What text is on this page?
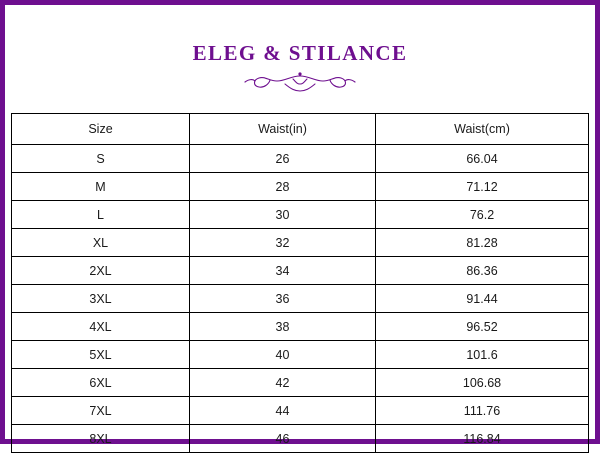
ELEG & STILANCE
Size	Waist(in)	Waist(cm)
S	26	66.04
M	28	71.12
L	30	76.2
XL	32	81.28
2XL	34	86.36
3XL	36	91.44
4XL	38	96.52
5XL	40	101.6
6XL	42	106.68
7XL	44	111.76
8XL	46	116.84
